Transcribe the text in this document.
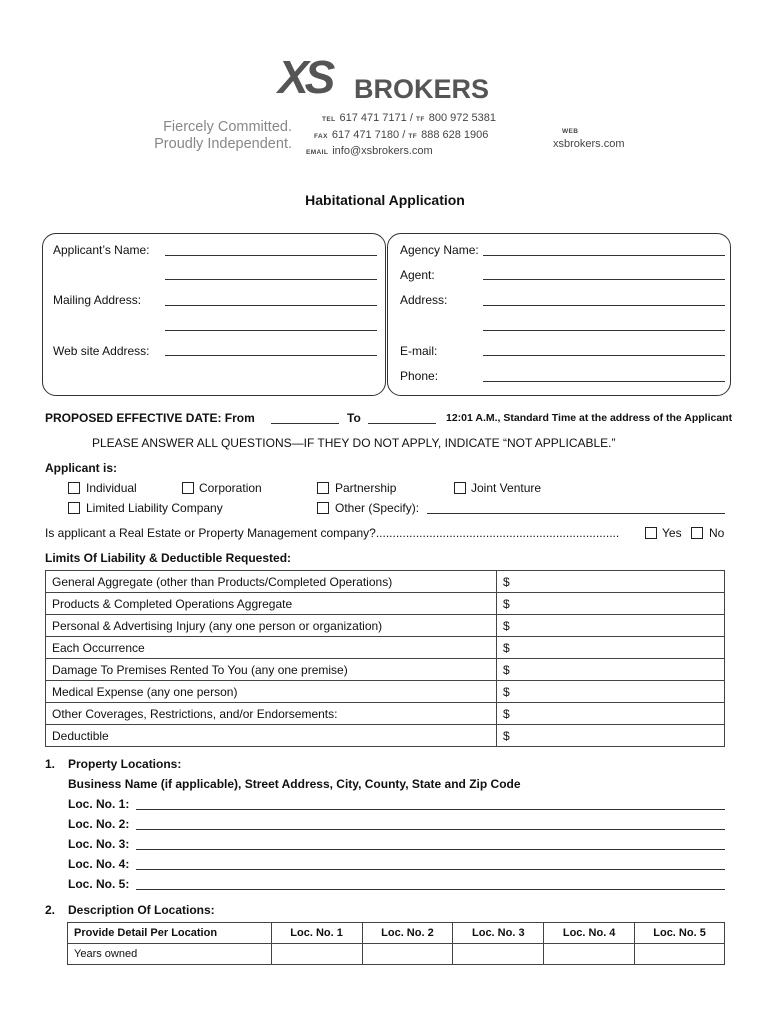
XS BROKERS
Fiercely Committed.
Proudly Independent.
TEL 617 471 7171 / TF 800 972 5381
FAX 617 471 7180 / TF 888 628 1906
EMAIL info@xsbrokers.com
WEB
xsbrokers.com
Habitational Application
Applicant’s Name:
Mailing Address:
Web site Address:
Agency Name:
Agent:
Address:
E-mail:
Phone:
PROPOSED EFFECTIVE DATE: From	To	12:01 A.M., Standard Time at the address of the Applicant
PLEASE ANSWER ALL QUESTIONS—IF THEY DO NOT APPLY, INDICATE “NOT APPLICABLE.”
Applicant is:
Individual	Corporation	Partnership	Joint Venture
Limited Liability Company	Other (Specify):
Is applicant a Real Estate or Property Management company?.........................................................................	Yes No
Limits Of Liability & Deductible Requested:
General Aggregate (other than Products/Completed Operations)	$
Products & Completed Operations Aggregate	$
Personal & Advertising Injury (any one person or organization)	$
Each Occurrence	$
Damage To Premises Rented To You (any one premise)	$
Medical Expense (any one person)	$
Other Coverages, Restrictions, and/or Endorsements:	$
Deductible	$
1. Property Locations:
Business Name (if applicable), Street Address, City, County, State and Zip Code
Loc. No. 1:
Loc. No. 2:
Loc. No. 3:
Loc. No. 4:
Loc. No. 5:
2. Description Of Locations:
Provide Detail Per Location	Loc. No. 1	Loc. No. 2	Loc. No. 3	Loc. No. 4	Loc. No. 5
Years owned					
